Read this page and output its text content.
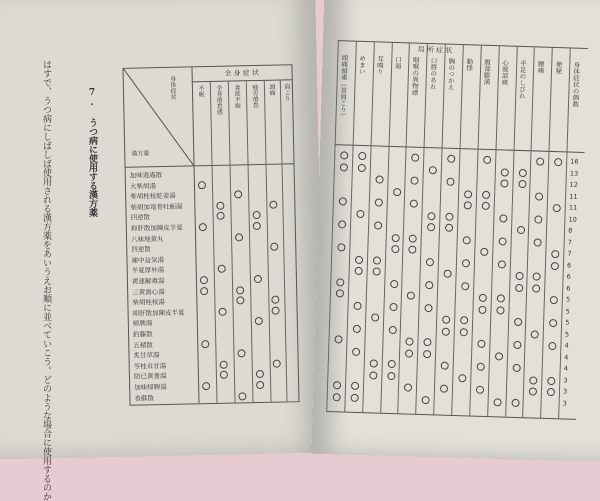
はすで、うつ病にしばしば使用される漢方薬をあいうえお順に並べていこう。どのような場合に使用するのか	7. うつ病に使用する漢方薬
身体症状
漢方薬
全 身 症 状
不眠 全身倦怠感 食欲不振 疲労倦怠 頭痛 肩こり
加味逍遙散
大柴胡湯
柴胡桂枝乾姜湯
柴胡加竜骨牡蛎湯
四逆散
抑肝散加陳皮半夏
八味地黄丸
四逆散
補中益気湯
半夏厚朴湯
黄連解毒湯
三黄瀉心湯
柴胡桂枝湯
抑肝散加陳皮半夏
帰脾湯
釣藤散
五積散
炙甘草湯
苓桂朮甘湯
防已黄耆湯
加味帰脾湯
香蘇散
局 所 症 状
頭痛頭重（首肩こり） めまい 耳鳴り 口渇 咽喉の異物感 口唇のあれ 胸のつかえ 動悸 腹部膨満 心窩部痛 手足のしびれ 腰痛 便秘 身体症状の個数
16
13
12
11
11
10
8
7
7
6
6
6
5
5
5
5
4
4
4
3
3
3
